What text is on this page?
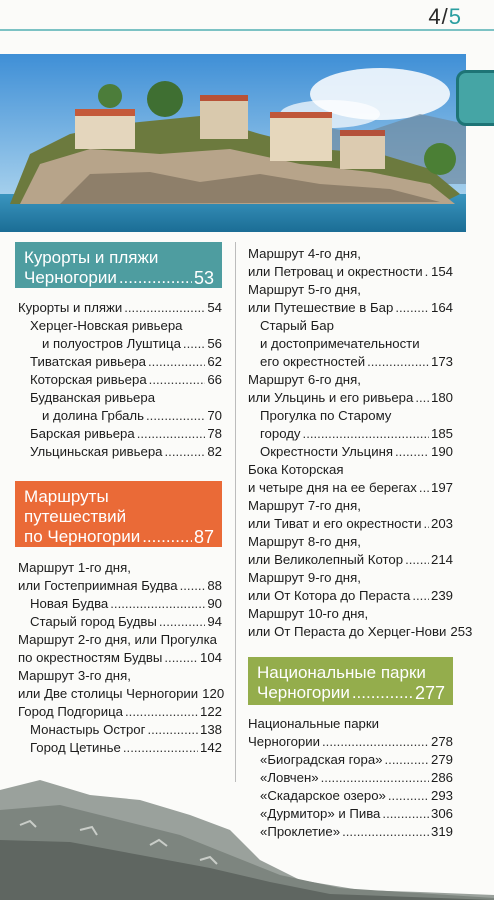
4/5
Курорты и пляжи
Черногории .....	53
Курорты и пляжи .....	54
Херцег-Новская ривьера
и полуостров Луштица ..... 56
Тиватская ривьера .....	62
Которская ривьера .....	66
Будванская ривьера
и долина Грбаль .....	70
Барская ривьера .....	78
Ульциньская ривьера .....	82
Маршруты
путешествий
по Черногории .....	87
Маршрут 1-го дня,
или Гостеприимная Будва ..... 88
Новая Будва .....	90
Старый город Будвы .....	94
Маршрут 2-го дня, или Прогулка
по окрестностям Будвы .....	104
Маршрут 3-го дня,
или Две столицы Черногории 120
Город Подгорица .....	122
Монастырь Острог .....	138
Город Цетинье .....	142
Маршрут 4-го дня,
или Петровац и окрестности ..... 154
Маршрут 5-го дня,
или Путешествие в Бар .....	164
Старый Бар
и достопримечательности
его окрестностей .....	173
Маршрут 6-го дня,
или Ульцинь и его ривьера ..... 180
Прогулка по Старому
городу .....	185
Окрестности Ульциня .....	190
Бока Которская
и четыре дня на ее берегах ..... 197
Маршрут 7-го дня,
или Тиват и его окрестности ..... 203
Маршрут 8-го дня,
или Великолепный Котор ..... 214
Маршрут 9-го дня,
или От Котора до Пераста ..... 239
Маршрут 10-го дня,
или От Пераста до Херцег-Нови 253
Национальные парки
Черногории .....	277
Национальные парки
Черногории .....	278
«Биоградская гора» .....	279
«Ловчен» .....	286
«Скадарское озеро» .....	293
«Дурмитор» и Пива .....	306
«Проклетие» .....	319
